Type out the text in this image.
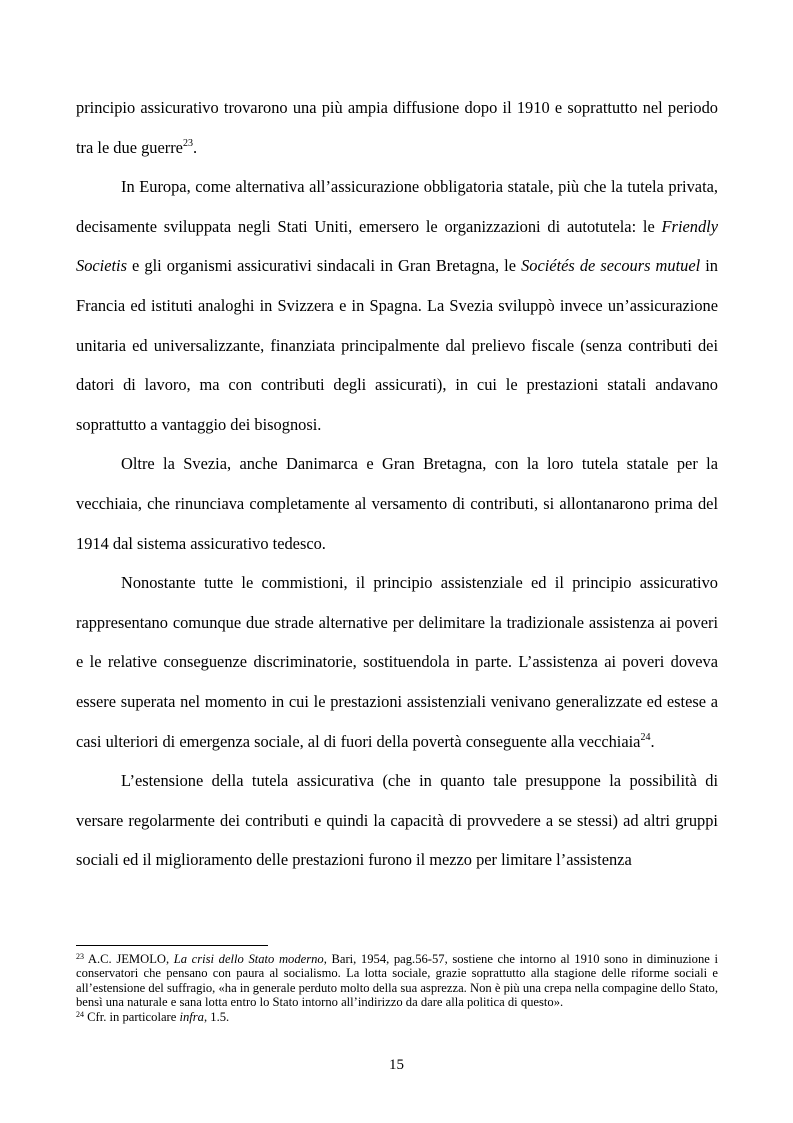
principio assicurativo trovarono una più ampia diffusione dopo il 1910 e soprattutto nel periodo tra le due guerre$^{23}$.

In Europa, come alternativa all’assicurazione obbligatoria statale, più che la tutela privata, decisamente sviluppata negli Stati Uniti, emersero le organizzazioni di autotutela: le Friendly Societis e gli organismi assicurativi sindacali in Gran Bretagna, le Sociétés de secours mutuel in Francia ed istituti analoghi in Svizzera e in Spagna. La Svezia sviluppò invece un’assicurazione unitaria ed universalizzante, finanziata principalmente dal prelievo fiscale (senza contributi dei datori di lavoro, ma con contributi degli assicurati), in cui le prestazioni statali andavano soprattutto a vantaggio dei bisognosi.

Oltre la Svezia, anche Danimarca e Gran Bretagna, con la loro tutela statale per la vecchiaia, che rinunciava completamente al versamento di contributi, si allontanarono prima del 1914 dal sistema assicurativo tedesco.

Nonostante tutte le commistioni, il principio assistenziale ed il principio assicurativo rappresentano comunque due strade alternative per delimitare la tradizionale assistenza ai poveri e le relative conseguenze discriminatorie, sostituendola in parte. L’assistenza ai poveri doveva essere superata nel momento in cui le prestazioni assistenziali venivano generalizzate ed estese a casi ulteriori di emergenza sociale, al di fuori della povertà conseguente alla vecchiaia$^{24}$.

L’estensione della tutela assicurativa (che in quanto tale presuppone la possibilità di versare regolarmente dei contributi e quindi la capacità di provvedere a se stessi) ad altri gruppi sociali ed il miglioramento delle prestazioni furono il mezzo per limitare l’assistenza

$^{23}$ A.C. JEMOLO, La crisi dello Stato moderno, Bari, 1954, pag.56-57, sostiene che intorno al 1910 sono in diminuzione i conservatori che pensano con paura al socialismo. La lotta sociale, grazie soprattutto alla stagione delle riforme sociali e all’estensione del suffragio, «ha in generale perduto molto della sua asprezza. Non è più una crepa nella compagine dello Stato, bensì una naturale e sana lotta entro lo Stato intorno all’indirizzo da dare alla politica di questo».

$^{24}$ Cfr. in particolare infra, 1.5.

15
